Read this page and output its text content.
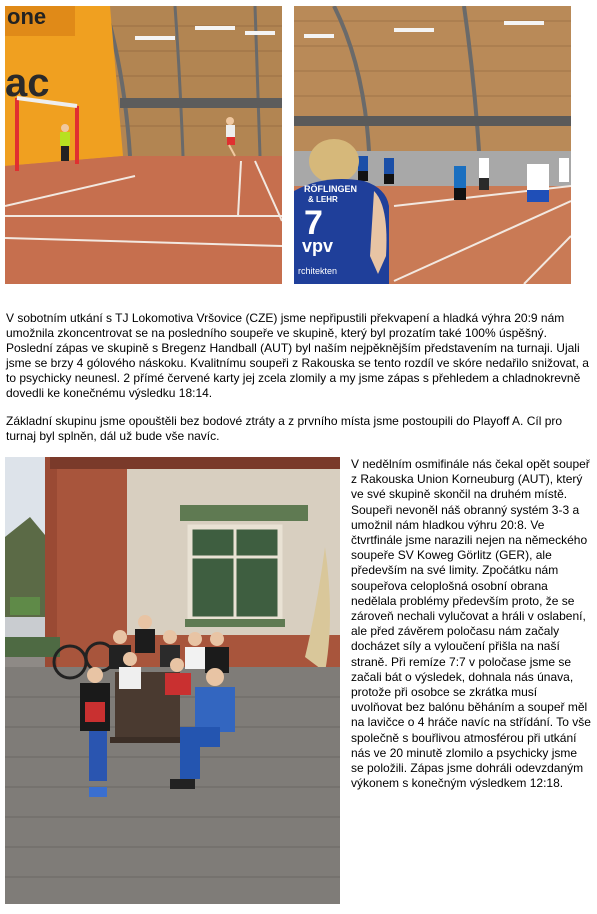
one
ac
RÖFLINGEN
& LEHR
7
vpv
rchitekten

V sobotním utkání s TJ Lokomotiva Vršovice (CZE) jsme nepřipustili překvapení a hladká výhra 20:9 nám umožnila zkoncentrovat se na posledního soupeře ve skupině, který byl prozatím také 100% úspěšný. Poslední zápas ve skupině s Bregenz Handball (AUT) byl naším nejpěknějším představením na turnaji. Ujali jsme se brzy 4 gólového náskoku. Kvalitnímu soupeři z Rakouska se tento rozdíl ve skóre nedařilo snižovat, a to psychicky neunesl. 2 přímé červené karty jej zcela zlomily a my jsme zápas s přehledem a chladnokrevně dovedli ke konečnému výsledku 18:14.

Základní skupinu jsme opouštěli bez bodové ztráty a z prvního místa jsme postoupili do Playoff A. Cíl pro turnaj byl splněn, dál už bude vše navíc.

V nedělním osmifinále nás čekal opět soupeř z Rakouska Union Korneuburg (AUT), který ve své skupině skončil na druhém místě. Soupeři nevoněl náš obranný systém 3-3 a umožnil nám hladkou výhru 20:8. Ve čtvrtfinále jsme narazili nejen na německého soupeře SV Koweg Görlitz (GER), ale především na své limity. Zpočátku nám soupeřova celoplošná osobní obrana nedělala problémy především proto, že se zároveň nechali vylučovat a hráli v oslabení, ale před závěrem poločasu nám začaly docházet síly a vyloučení přišla na naší straně. Při remíze 7:7 v poločase jsme se začali bát o výsledek, dohnala nás únava, protože při osobce se zkrátka musí uvolňovat bez balónu běháním a soupeř měl na lavičce o 4 hráče navíc na střídání. To vše společně s bouřlivou atmosférou při utkání nás ve 20 minutě zlomilo a psychicky jsme se položili. Zápas jsme dohráli odevzdaným výkonem s konečným výsledkem 12:18.
